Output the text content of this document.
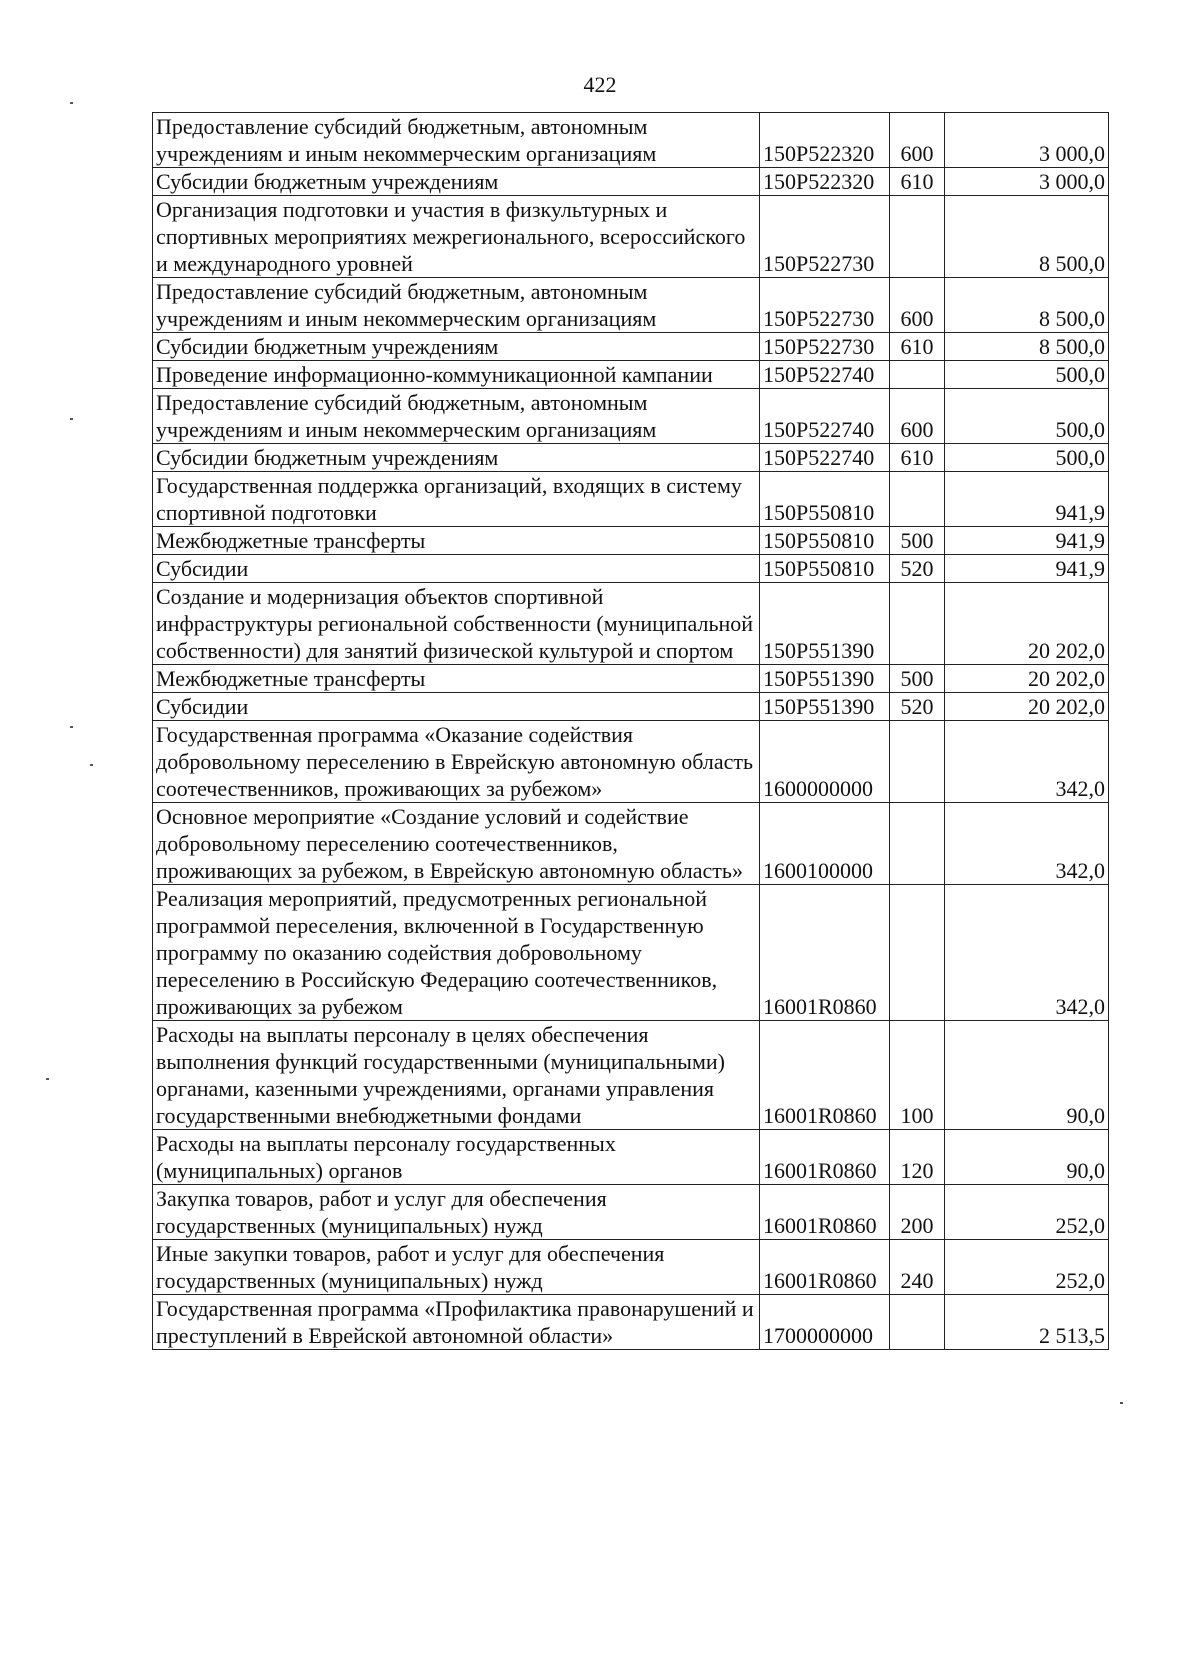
422
Предоставление субсидий бюджетным, автономным учреждениям и иным некоммерческим организациям	150P522320	600	3 000,0
Субсидии бюджетным учреждениям	150P522320	610	3 000,0
Организация подготовки и участия в физкультурных и спортивных мероприятиях межрегионального, всероссийского и международного уровней	150P522730		8 500,0
Предоставление субсидий бюджетным, автономным учреждениям и иным некоммерческим организациям	150P522730	600	8 500,0
Субсидии бюджетным учреждениям	150P522730	610	8 500,0
Проведение информационно-коммуникационной кампании	150P522740		500,0
Предоставление субсидий бюджетным, автономным учреждениям и иным некоммерческим организациям	150P522740	600	500,0
Субсидии бюджетным учреждениям	150P522740	610	500,0
Государственная поддержка организаций, входящих в систему спортивной подготовки	150P550810		941,9
Межбюджетные трансферты	150P550810	500	941,9
Субсидии	150P550810	520	941,9
Создание и модернизация объектов спортивной инфраструктуры региональной собственности (муниципальной собственности) для занятий физической культурой и спортом	150P551390		20 202,0
Межбюджетные трансферты	150P551390	500	20 202,0
Субсидии	150P551390	520	20 202,0
Государственная программа «Оказание содействия добровольному переселению в Еврейскую автономную область соотечественников, проживающих за рубежом»	1600000000		342,0
Основное мероприятие «Создание условий и содействие добровольному переселению соотечественников, проживающих за рубежом, в Еврейскую автономную область»	1600100000		342,0
Реализация мероприятий, предусмотренных региональной программой переселения, включенной в Государственную программу по оказанию содействия добровольному переселению в Российскую Федерацию соотечественников, проживающих за рубежом	16001R0860		342,0
Расходы на выплаты персоналу в целях обеспечения выполнения функций государственными (муниципальными) органами, казенными учреждениями, органами управления государственными внебюджетными фондами	16001R0860	100	90,0
Расходы на выплаты персоналу государственных (муниципальных) органов	16001R0860	120	90,0
Закупка товаров, работ и услуг для обеспечения государственных (муниципальных) нужд	16001R0860	200	252,0
Иные закупки товаров, работ и услуг для обеспечения государственных (муниципальных) нужд	16001R0860	240	252,0
Государственная программа «Профилактика правонарушений и преступлений в Еврейской автономной области»	1700000000		2 513,5
